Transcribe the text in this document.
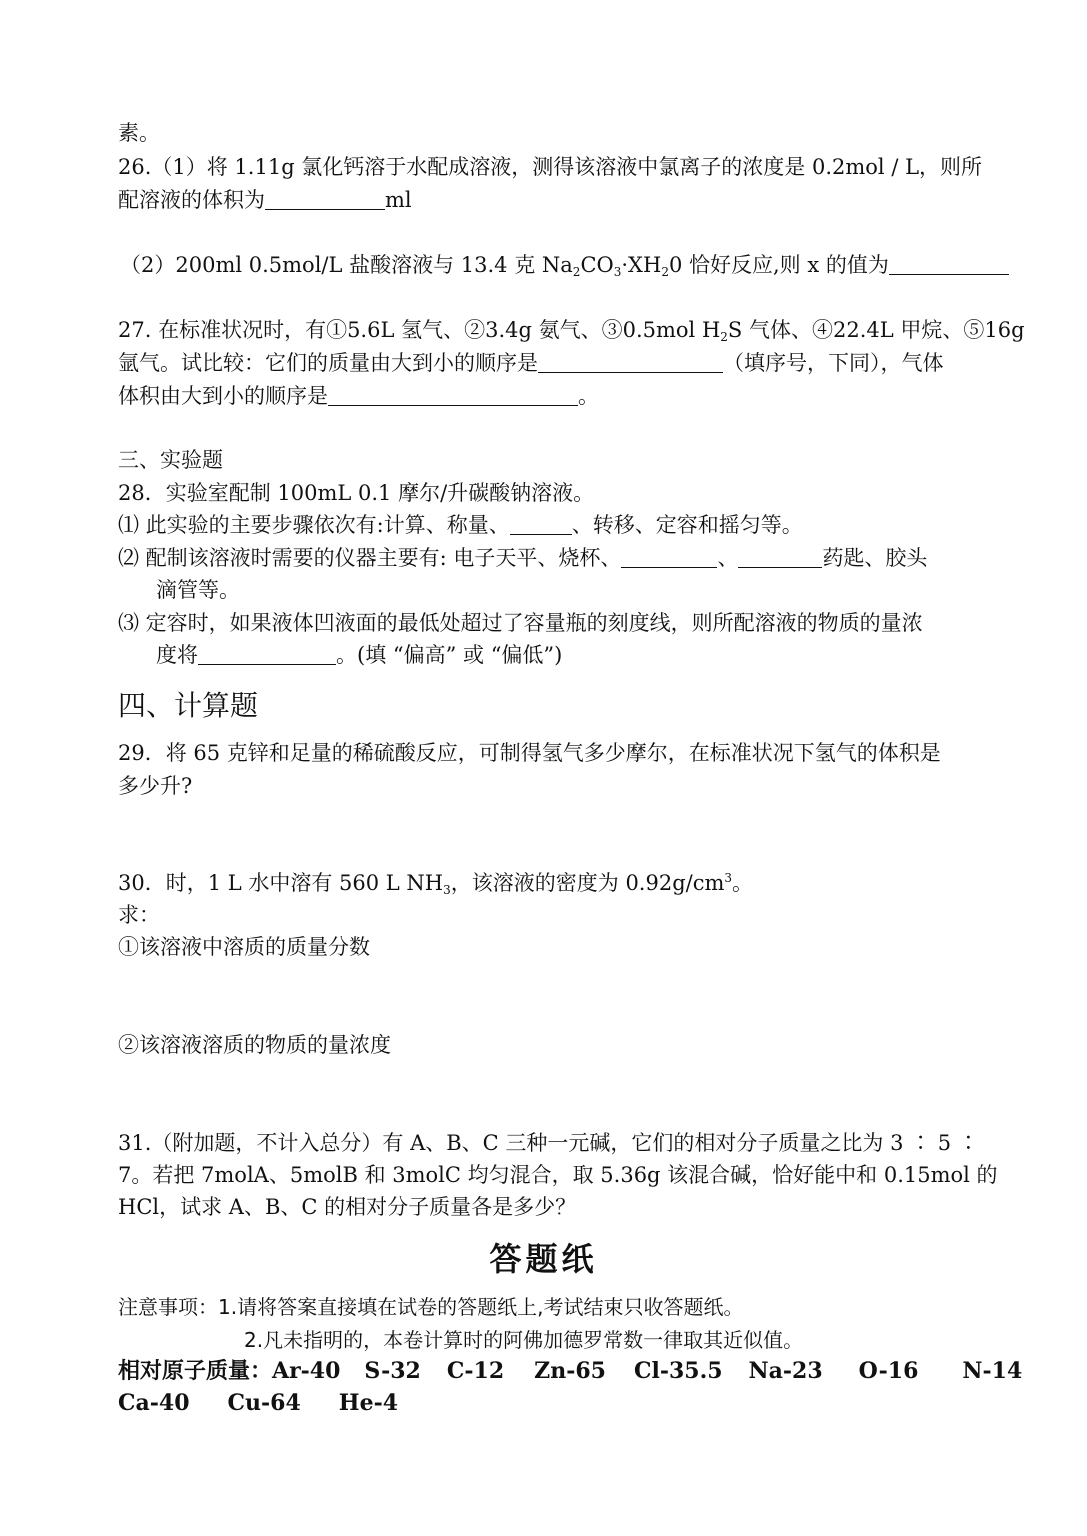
素。
26.（1）将 1.11g 氯化钙溶于水配成溶液，测得该溶液中氯离子的浓度是 0.2mol / L，则所
配溶液的体积为	ml
（2）200ml 0.5mol/L 盐酸溶液与 13.4 克 $Na_2CO_3\cdot XH_20$ 恰好反应,则 x 的值为
27. 在标准状况时，有①5.6L 氢气、②3.4g 氨气、③0.5mol $H_2S$ 气体、④22.4L 甲烷、⑤16g
氩气。试比较：它们的质量由大到小的顺序是	（填序号，下同），气体
体积由大到小的顺序是	。
三、实验题
28．实验室配制 100mL 0.1 摩尔/升碳酸钠溶液。
⑴ 此实验的主要步骤依次有:计算、称量、	、转移、定容和摇匀等。
⑵ 配制该溶液时需要的仪器主要有: 电子天平、烧杯、	、	药匙、胶头
滴管等。
⑶ 定容时，如果液体凹液面的最低处超过了容量瓶的刻度线，则所配溶液的物质的量浓
度将	。(填 “偏高” 或 “偏低”)
四、计算题
29．将 65 克锌和足量的稀硫酸反应，可制得氢气多少摩尔，在标准状况下氢气的体积是
多少升?
30．时，1 L 水中溶有 560 L $NH_3$，该溶液的密度为 $0.92g/cm^3$。
求：
①该溶液中溶质的质量分数
②该溶液溶质的物质的量浓度
31.（附加题，不计入总分）有 A、B、C 三种一元碱，它们的相对分子质量之比为 3 ∶ 5 ∶
7。若把 7molA、5molB 和 3molC 均匀混合，取 5.36g 该混合碱，恰好能中和 0.15mol 的
HCl，试求 A、B、C 的相对分子质量各是多少？
答题纸
注意事项：1.请将答案直接填在试卷的答题纸上,考试结束只收答题纸。
2.凡未指明的，本卷计算时的阿佛加德罗常数一律取其近似值。
相对原子质量：Ar-40 S-32 C-12 Zn-65 Cl-35.5 Na-23 O-16 N-14
Ca-40 Cu-64 He-4
